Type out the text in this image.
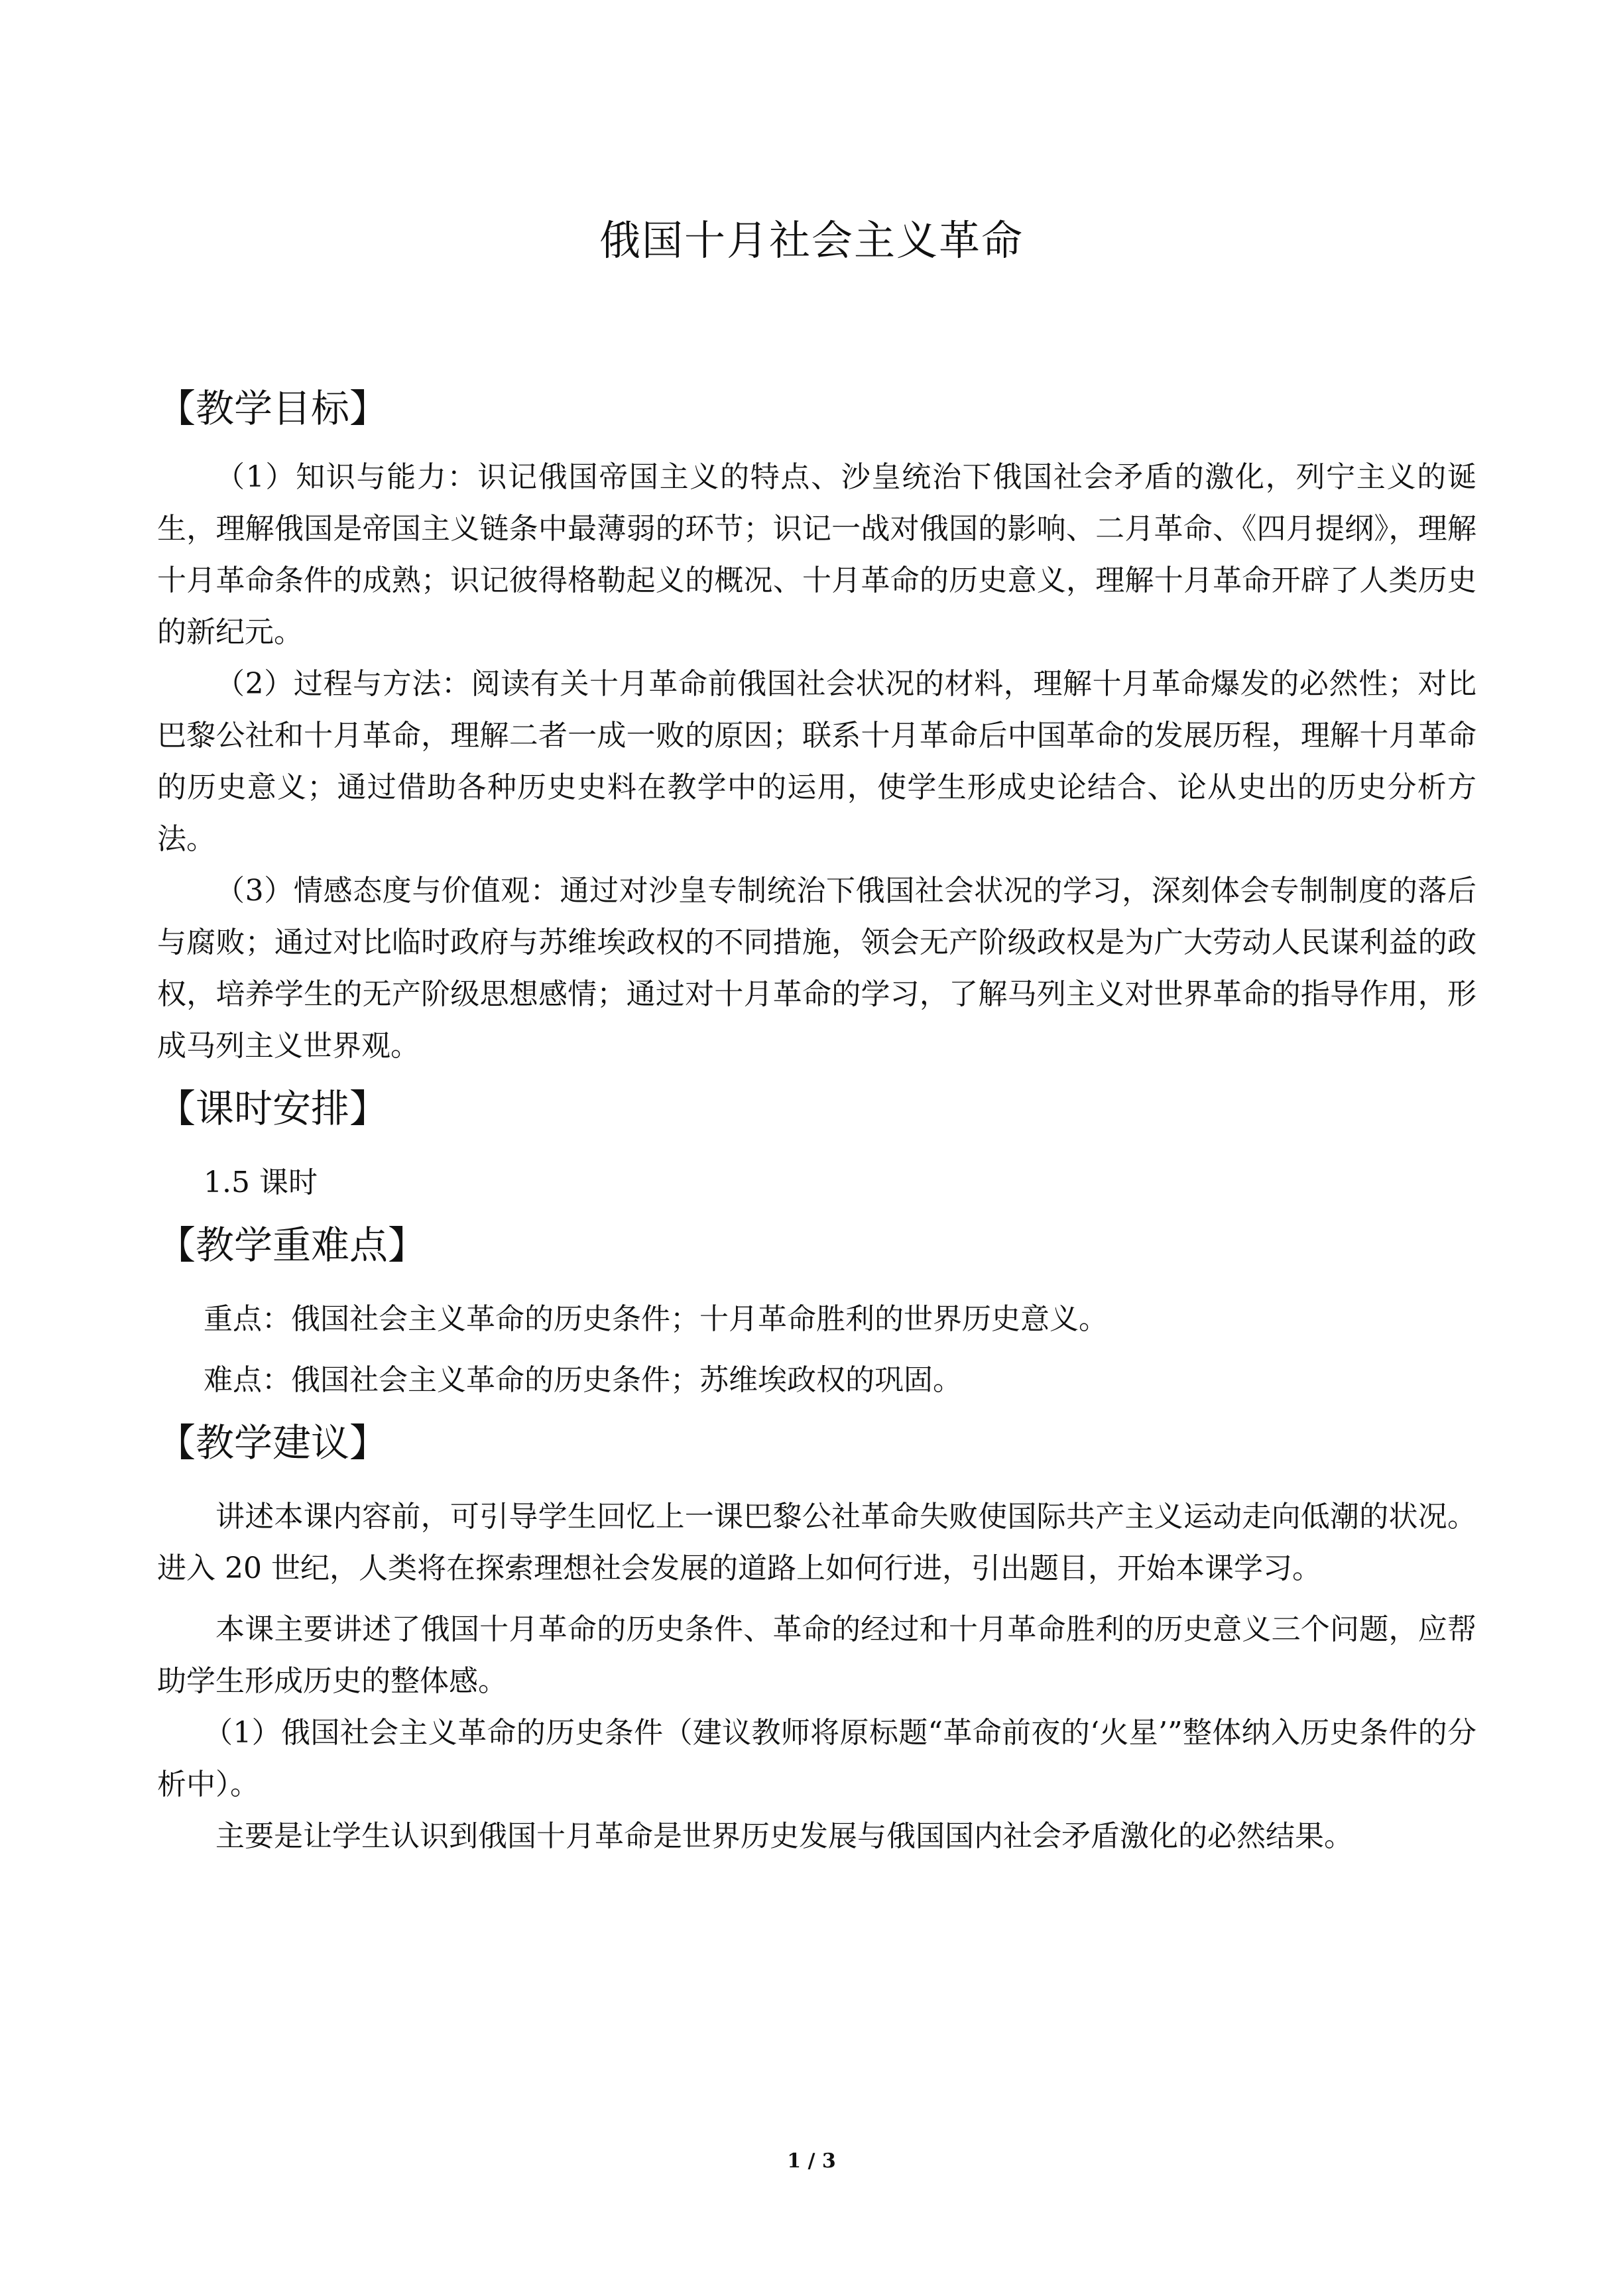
俄国十月社会主义革命
【教学目标】

（1）知识与能力：识记俄国帝国主义的特点、沙皇统治下俄国社会矛盾的激化，列宁主义的诞生，理解俄国是帝国主义链条中最薄弱的环节；识记一战对俄国的影响、二月革命、《四月提纲》，理解十月革命条件的成熟；识记彼得格勒起义的概况、十月革命的历史意义，理解十月革命开辟了人类历史的新纪元。

（2）过程与方法：阅读有关十月革命前俄国社会状况的材料，理解十月革命爆发的必然性；对比巴黎公社和十月革命，理解二者一成一败的原因；联系十月革命后中国革命的发展历程，理解十月革命的历史意义；通过借助各种历史史料在教学中的运用，使学生形成史论结合、论从史出的历史分析方法。

（3）情感态度与价值观：通过对沙皇专制统治下俄国社会状况的学习，深刻体会专制制度的落后与腐败；通过对比临时政府与苏维埃政权的不同措施，领会无产阶级政权是为广大劳动人民谋利益的政权，培养学生的无产阶级思想感情；通过对十月革命的学习，了解马列主义对世界革命的指导作用，形成马列主义世界观。

【课时安排】

1.5 课时

【教学重难点】

重点：俄国社会主义革命的历史条件；十月革命胜利的世界历史意义。

难点：俄国社会主义革命的历史条件；苏维埃政权的巩固。

【教学建议】

讲述本课内容前，可引导学生回忆上一课巴黎公社革命失败使国际共产主义运动走向低潮的状况。进入 20 世纪，人类将在探索理想社会发展的道路上如何行进，引出题目，开始本课学习。

本课主要讲述了俄国十月革命的历史条件、革命的经过和十月革命胜利的历史意义三个问题，应帮助学生形成历史的整体感。

（1）俄国社会主义革命的历史条件（建议教师将原标题“革命前夜的‘火星’”整体纳入历史条件的分析中）。

主要是让学生认识到俄国十月革命是世界历史发展与俄国国内社会矛盾激化的必然结果。

1 / 3
